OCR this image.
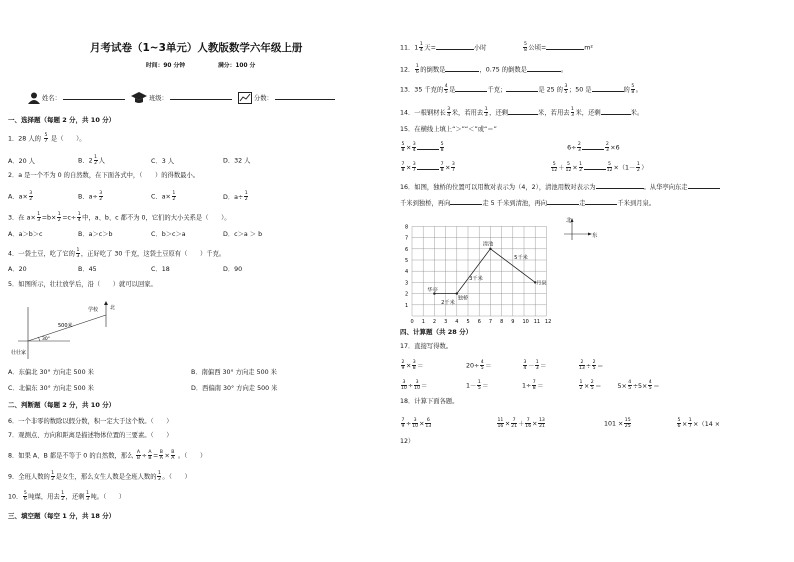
月考试卷（1~3单元）人教版数学六年级上册
时间：90 分钟	满分：100 分
姓名：	班级：	分数：
一、选择题（每题 2 分，共 10 分）
1．28 人的 $\frac{5}{7}$ 是（　　）。
A．20 人	B．$2 \frac{1}{2}$ 人	C．3 人	D．32 人
2．a 是一个不为 0 的自然数，在下面各式中，（　　）的得数最小。
A．$a\times \frac{3}{2}$	B．$a\div \frac{3}{2}$	C．$a\times \frac{1}{2}$	D．$a\div \frac{1}{2}$
3．在 $a\times \frac{1}{3} =b\times \frac{1}{2} =c\div \frac{1}{4}$ 中，a、b、c 都不为 0，它们的大小关系是（　　）。
A．a＞b＞c	B．a＞c＞b	C．b＞c＞a	D．c＞a ＞ b
4．一袋土豆，吃了它的 $\frac{1}{3}$ ，正好吃了 30 千克，这袋土豆原有（　　）千克。
A．20	B．45	C．18	D．90
5．如图所示，壮壮放学后，沿（　　）就可以回家。
学校
500米
30°
壮壮家
北
A．东偏北 30° 方向走 500 米	B．南偏西 30° 方向走 500 米
C．北偏东 30° 方向走 500 米	D．西偏南 30° 方向走 500 米
二、判断题（每题 2 分，共 10 分）
6．一个非零的数除以假分数，积一定大于这个数。（　　）
7．观测点、方向和距离是描述物体位置的三要素。（　　）
8．如果 A、B 都是不等于 0 的自然数，那么 $\frac{A}{B} \div \frac{A}{B} = \frac{B}{A} \times \frac{B}{A}$ 。（　　）
9．全班人数的 $\frac{1}{2}$ 是女生，那么女生人数是全班人数的 $\frac{1}{2}$ 。（　　）
10． $\frac{5}{6}$ 吨煤，用去 $\frac{1}{2}$ ，还剩 $\frac{1}{3}$ 吨。（　　）
三、填空题（每空 1 分，共 18 分）
11．$1 \frac{1}{4}$ 天=	小时	$\frac{5}{8}$ 公顷=	m²
12． $\frac{1}{6}$ 的倒数是	，0.75 的倒数是	。
13．35 千克的 $\frac{4}{5}$ 是	千克；	是 25 的 $\frac{3}{5}$ ；50 是	的 $\frac{5}{8}$ 。
14．一根钢材长 $\frac{3}{4}$ 米，若用去 $\frac{1}{3}$ ，还剩	米，若用去 $\frac{1}{3}$ 米，还剩	米。
15．在横线上填上“＞”“＜”或“＝”
$\frac{5}{8} \times \frac{3}{4}$	$\frac{5}{8}$	$6\div \frac{2}{3}$	$\frac{2}{3} \times 6$
$\frac{7}{8} \times \frac{3}{7}$	$\frac{7}{8} \times \frac{3}{7}$
	$\frac{5}{12} + \frac{5}{12} \times \frac{1}{2}$	$\frac{5}{12} \times(1- \frac{1}{2}$ ）
16．如图，独桥的位置可以用数对表示为（4，2），清池用数对表示为	。从华亭向东走
千米到独桥，再向	走 5 千米到清池，再向	走	千米到月泉。
0 1 2 3 4 5 6 7 8 9 10 11 12
1
2
3
4
5
6
7
8
华亭
2千米
独桥
3千米
清池
5千米
月泉
北
东
四、计算题（共 28 分）
17．直接写得数。
$\frac{2}{9} \times \frac{3}{8}$ ＝	$20\div \frac{4}{5}$ ＝	$\frac{3}{4} - \frac{1}{3}$ ＝	$\frac{2}{13} \div \frac{2}{5}$ ＝
$\frac{3}{10} \div \frac{3}{10}$ ＝	$1- \frac{1}{5}$ ＝	$1\div \frac{7}{8}$ ＝	$\frac{1}{2} \times \frac{2}{5}$ ＝	$5\times \frac{4}{5} \div 5\times \frac{4}{5}$ ＝
18．计算下面各题。
$\frac{7}{9} \div \frac{3}{10} \times \frac{6}{13}$	$\frac{11}{16} \times \frac{7}{21} + \frac{7}{16} \times \frac{13}{21}$	$101 \times \frac{15}{25}$	$\frac{5}{6} \times \frac{1}{7} \times(14$ ×
12）
